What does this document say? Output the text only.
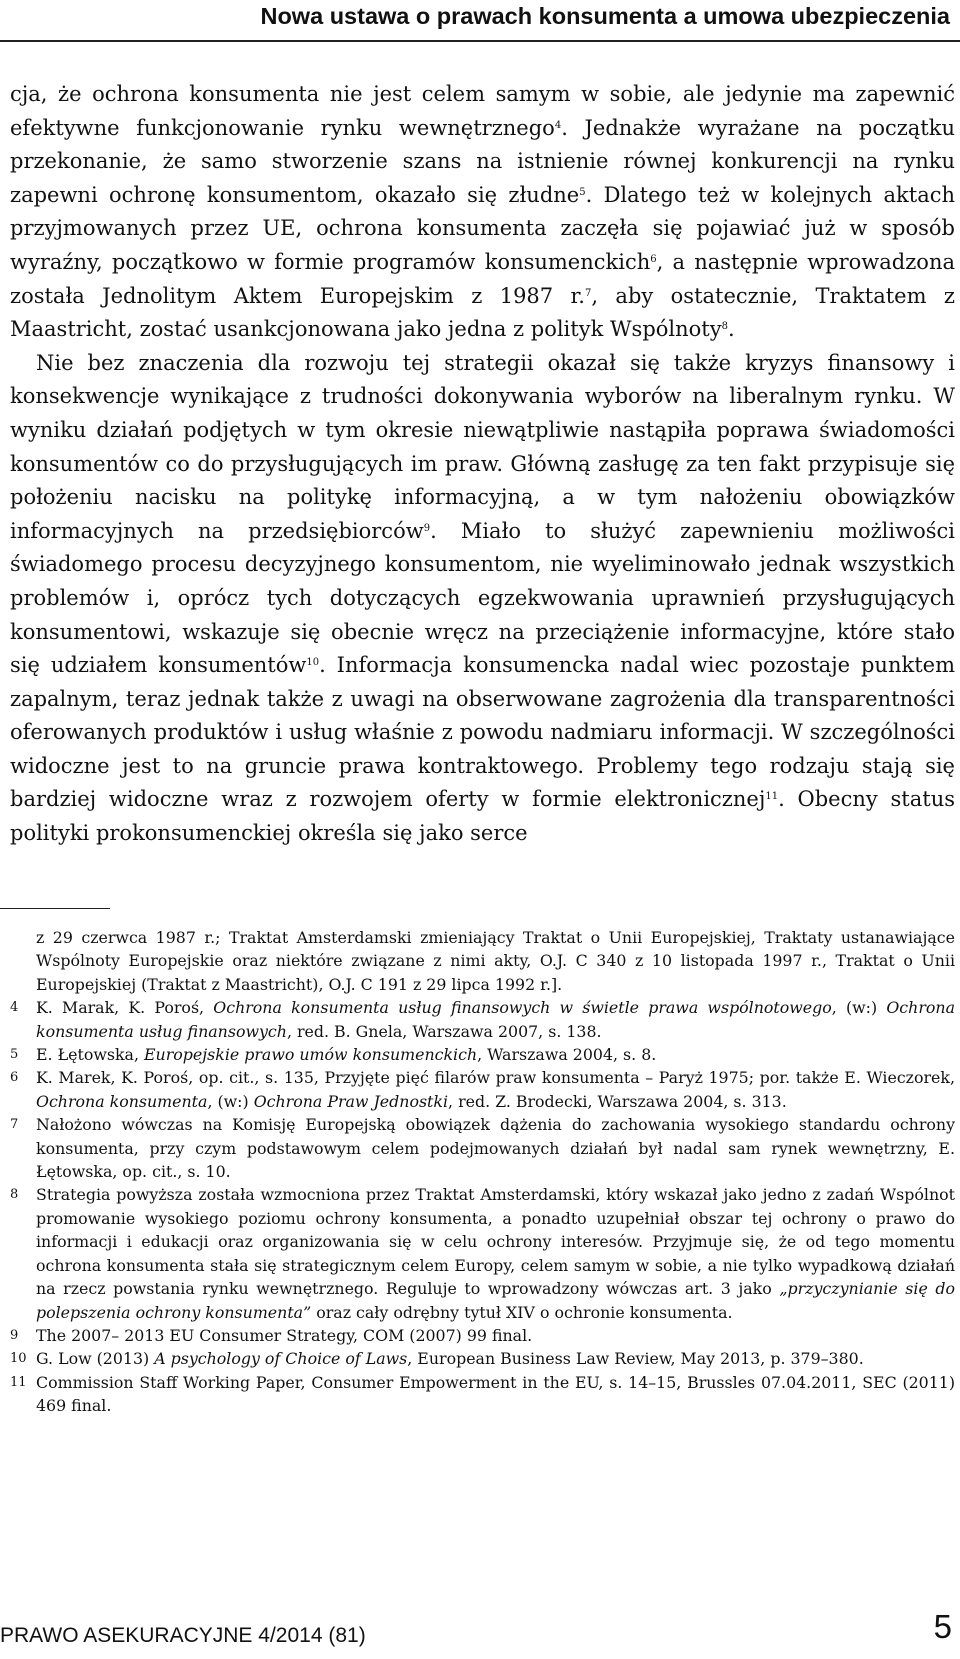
Nowa ustawa o prawach konsumenta a umowa ubezpieczenia

cja, że ochrona konsumenta nie jest celem samym w sobie, ale jedynie ma zapewnić efektywne funkcjonowanie rynku wewnętrznego$^4$. Jednakże wyrażane na początku przekonanie, że samo stworzenie szans na istnienie równej konkurencji na rynku zapewni ochronę konsumentom, okazało się złudne$^5$. Dlatego też w kolejnych aktach przyjmowanych przez UE, ochrona konsumenta zaczęła się pojawiać już w sposób wyraźny, początkowo w formie programów konsumenckich$^6$, a następnie wprowadzona została Jednolitym Aktem Europejskim z 1987 r.$^7$, aby ostatecznie, Traktatem z Maastricht, zostać usankcjonowana jako jedna z polityk Wspólnoty$^8$.

Nie bez znaczenia dla rozwoju tej strategii okazał się także kryzys finansowy i konsekwencje wynikające z trudności dokonywania wyborów na liberalnym rynku. W wyniku działań podjętych w tym okresie niewątpliwie nastąpiła poprawa świadomości konsumentów co do przysługujących im praw. Główną zasługę za ten fakt przypisuje się położeniu nacisku na politykę informacyjną, a w tym nałożeniu obowiązków informacyjnych na przedsiębiorców$^9$. Miało to służyć zapewnieniu możliwości świadomego procesu decyzyjnego konsumentom, nie wyeliminowało jednak wszystkich problemów i, oprócz tych dotyczących egzekwowania uprawnień przysługujących konsumentowi, wskazuje się obecnie wręcz na przeciążenie informacyjne, które stało się udziałem konsumentów$^{10}$. Informacja konsumencka nadal wiec pozostaje punktem zapalnym, teraz jednak także z uwagi na obserwowane zagrożenia dla transparentności oferowanych produktów i usług właśnie z powodu nadmiaru informacji. W szczególności widoczne jest to na gruncie prawa kontraktowego. Problemy tego rodzaju stają się bardziej widoczne wraz z rozwojem oferty w formie elektronicznej$^{11}$. Obecny status polityki prokonsumenckiej określa się jako serce

z 29 czerwca 1987 r.; Traktat Amsterdamski zmieniający Traktat o Unii Europejskiej, Traktaty ustanawiające Wspólnoty Europejskie oraz niektóre związane z nimi akty, O.J. C 340 z 10 listopada 1997 r., Traktat o Unii Europejskiej (Traktat z Maastricht), O.J. C 191 z 29 lipca 1992 r.].
4 K. Marak, K. Poroś, Ochrona konsumenta usług finansowych w świetle prawa wspólnotowego, (w:) Ochrona konsumenta usług finansowych, red. B. Gnela, Warszawa 2007, s. 138.
5 E. Łętowska, Europejskie prawo umów konsumenckich, Warszawa 2004, s. 8.
6 K. Marek, K. Poroś, op. cit., s. 135, Przyjęte pięć filarów praw konsumenta – Paryż 1975; por. także E. Wieczorek, Ochrona konsumenta, (w:) Ochrona Praw Jednostki, red. Z. Brodecki, Warszawa 2004, s. 313.
7 Nałożono wówczas na Komisję Europejską obowiązek dążenia do zachowania wysokiego standardu ochrony konsumenta, przy czym podstawowym celem podejmowanych działań był nadal sam rynek wewnętrzny, E. Łętowska, op. cit., s. 10.
8 Strategia powyższa została wzmocniona przez Traktat Amsterdamski, który wskazał jako jedno z zadań Wspólnot promowanie wysokiego poziomu ochrony konsumenta, a ponadto uzupełniał obszar tej ochrony o prawo do informacji i edukacji oraz organizowania się w celu ochrony interesów. Przyjmuje się, że od tego momentu ochrona konsumenta stała się strategicznym celem Europy, celem samym w sobie, a nie tylko wypadkową działań na rzecz powstania rynku wewnętrznego. Reguluje to wprowadzony wówczas art. 3 jako „przyczynianie się do polepszenia ochrony konsumenta” oraz cały odrębny tytuł XIV o ochronie konsumenta.
9 The 2007– 2013 EU Consumer Strategy, COM (2007) 99 final.
10 G. Low (2013) A psychology of Choice of Laws, European Business Law Review, May 2013, p. 379–380.
11 Commission Staff Working Paper, Consumer Empowerment in the EU, s. 14–15, Brussles 07.04.2011, SEC (2011) 469 final.
PRAWO ASEKURACYJNE 4/2014 (81)	5
